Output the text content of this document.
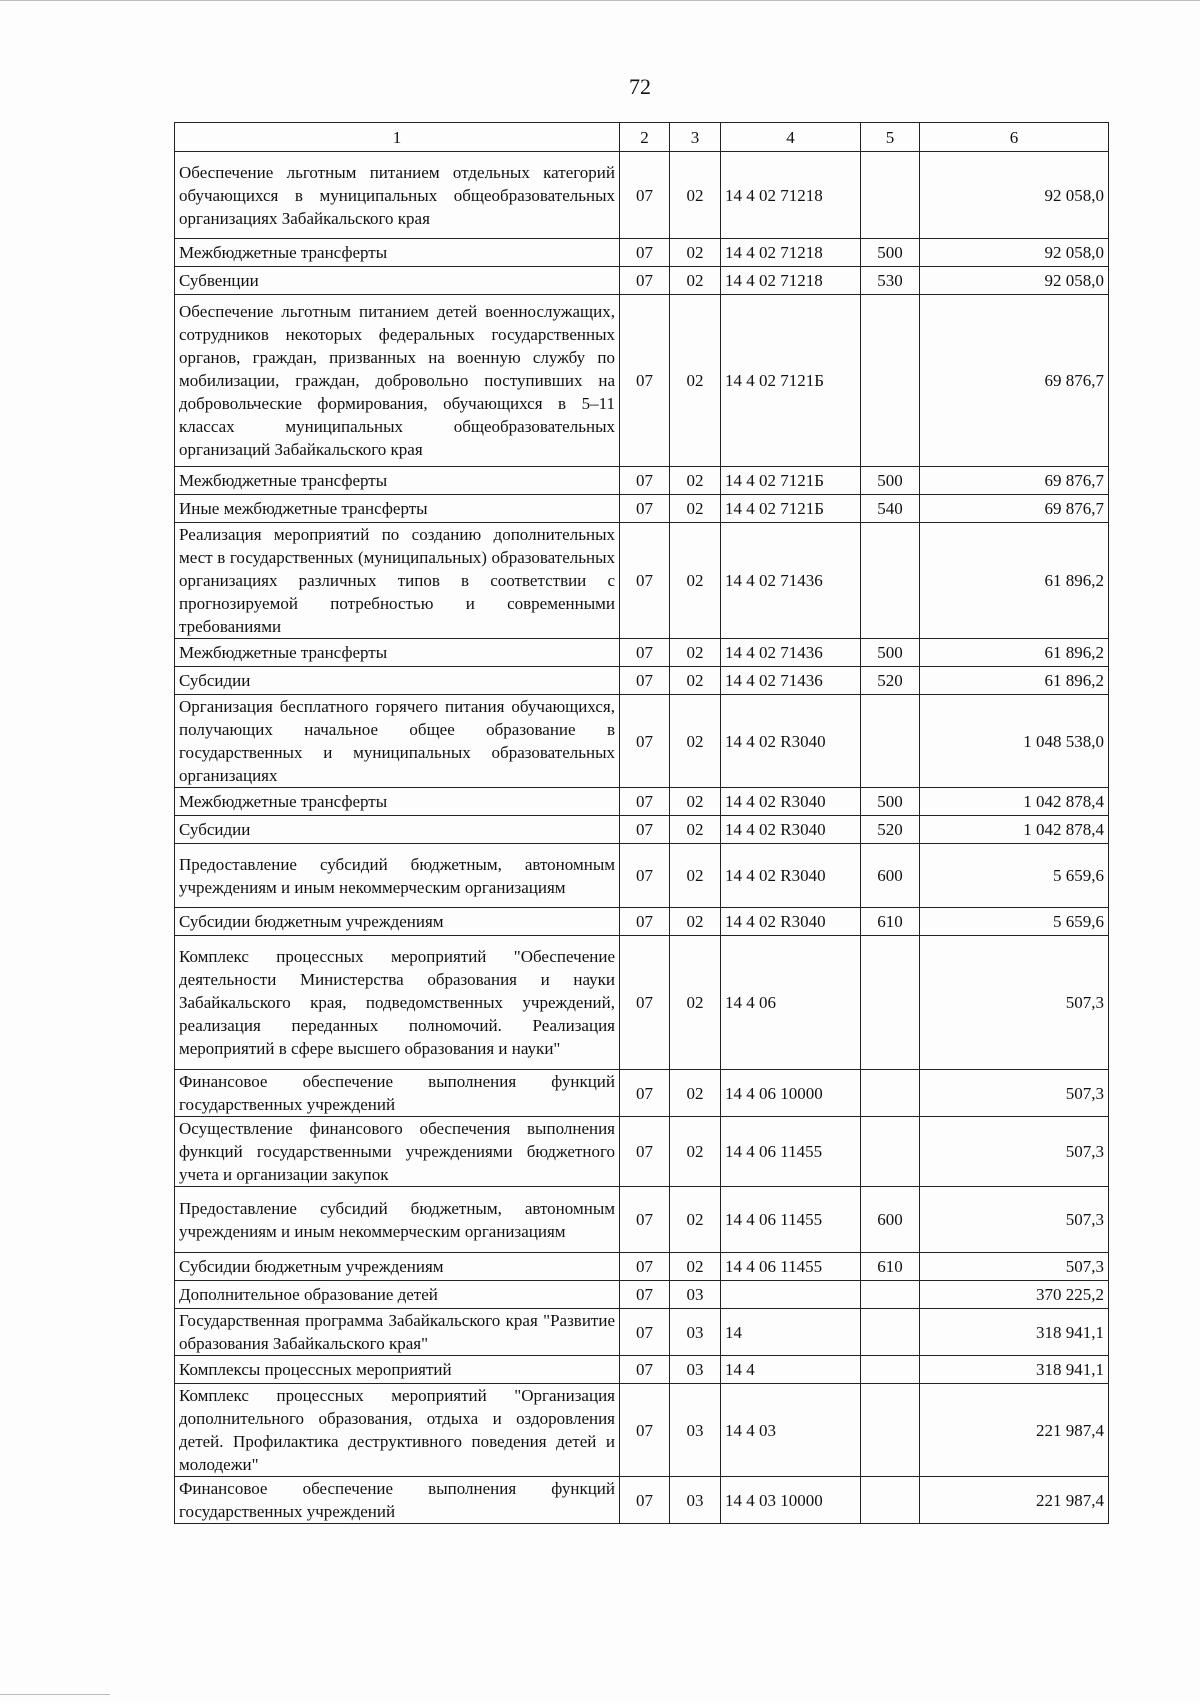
72
1	2	3	4	5	6
Обеспечение льготным питанием отдельных категорий обучающихся в муниципальных общеобразовательных организациях Забайкальского края	07	02	14 4 02 71218		92 058,0
Межбюджетные трансферты	07	02	14 4 02 71218	500	92 058,0
Субвенции	07	02	14 4 02 71218	530	92 058,0
Обеспечение льготным питанием детей военнослужащих, сотрудников некоторых федеральных государственных органов, граждан, призванных на военную службу по мобилизации, граждан, добровольно поступивших на добровольческие формирования, обучающихся в 5–11 классах муниципальных общеобразовательных организаций Забайкальского края	07	02	14 4 02 7121Б		69 876,7
Межбюджетные трансферты	07	02	14 4 02 7121Б	500	69 876,7
Иные межбюджетные трансферты	07	02	14 4 02 7121Б	540	69 876,7
Реализация мероприятий по созданию дополнительных мест в государственных (муниципальных) образовательных организациях различных типов в соответствии с прогнозируемой потребностью и современными требованиями	07	02	14 4 02 71436		61 896,2
Межбюджетные трансферты	07	02	14 4 02 71436	500	61 896,2
Субсидии	07	02	14 4 02 71436	520	61 896,2
Организация бесплатного горячего питания обучающихся, получающих начальное общее образование в государственных и муниципальных образовательных организациях	07	02	14 4 02 R3040		1 048 538,0
Межбюджетные трансферты	07	02	14 4 02 R3040	500	1 042 878,4
Субсидии	07	02	14 4 02 R3040	520	1 042 878,4
Предоставление субсидий бюджетным, автономным учреждениям и иным некоммерческим организациям	07	02	14 4 02 R3040	600	5 659,6
Субсидии бюджетным учреждениям	07	02	14 4 02 R3040	610	5 659,6
Комплекс процессных мероприятий "Обеспечение деятельности Министерства образования и науки Забайкальского края, подведомственных учреждений, реализация переданных полномочий. Реализация мероприятий в сфере высшего образования и науки"	07	02	14 4 06		507,3
Финансовое обеспечение выполнения функций государственных учреждений	07	02	14 4 06 10000		507,3
Осуществление финансового обеспечения выполнения функций государственными учреждениями бюджетного учета и организации закупок	07	02	14 4 06 11455		507,3
Предоставление субсидий бюджетным, автономным учреждениям и иным некоммерческим организациям	07	02	14 4 06 11455	600	507,3
Субсидии бюджетным учреждениям	07	02	14 4 06 11455	610	507,3
Дополнительное образование детей	07	03			370 225,2
Государственная программа Забайкальского края "Развитие образования Забайкальского края"	07	03	14		318 941,1
Комплексы процессных мероприятий	07	03	14 4		318 941,1
Комплекс процессных мероприятий "Организация дополнительного образования, отдыха и оздоровления детей. Профилактика деструктивного поведения детей и молодежи"	07	03	14 4 03		221 987,4
Финансовое обеспечение выполнения функций государственных учреждений	07	03	14 4 03 10000		221 987,4
